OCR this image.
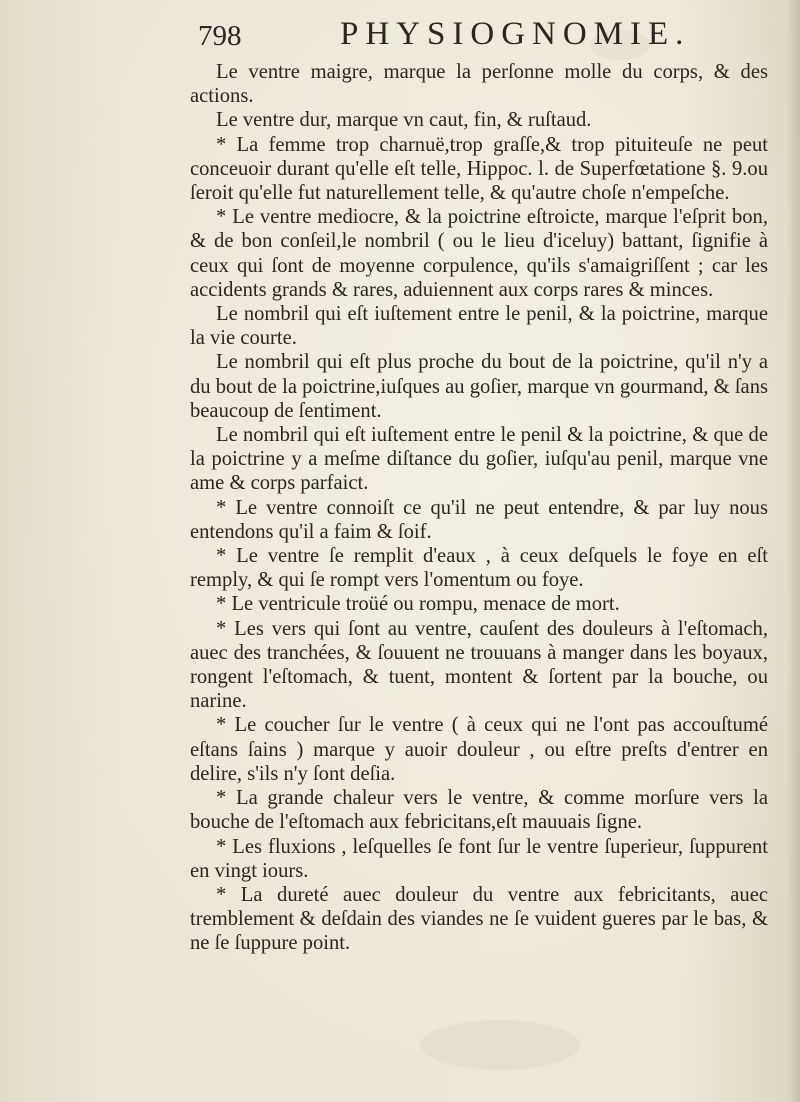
798	PHYSIOGNOMIE.

Le ventre maigre, marque la perſonne molle du corps, & des actions.

Le ventre dur, marque vn caut, fin, & ruſtaud.

* La femme trop charnuë,trop graſſe,& trop pituiteuſe ne peut conceuoir durant qu'elle eſt telle, Hippoc. l. de Superfœtatione §. 9.ou ſeroit qu'elle fut naturellement telle, & qu'autre choſe n'empeſche.

* Le ventre mediocre, & la poictrine eſtroicte, marque l'eſprit bon, & de bon conſeil,le nombril ( ou le lieu d'iceluy) battant, ſignifie à ceux qui ſont de moyenne corpulence, qu'ils s'amaigriſſent ; car les accidents grands & rares, aduiennent aux corps rares & minces.

Le nombril qui eſt iuſtement entre le penil, & la poictrine, marque la vie courte.

Le nombril qui eſt plus proche du bout de la poictrine, qu'il n'y a du bout de la poictrine,iuſques au goſier, marque vn gourmand, & ſans beaucoup de ſentiment.

Le nombril qui eſt iuſtement entre le penil & la poictrine, & que de la poictrine y a meſme diſtance du goſier, iuſqu'au penil, marque vne ame & corps parfaict.

* Le ventre connoiſt ce qu'il ne peut entendre, & par luy nous entendons qu'il a faim & ſoif.

* Le ventre ſe remplit d'eaux , à ceux deſquels le foye en eſt remply, & qui ſe rompt vers l'omentum ou foye.

* Le ventricule troüé ou rompu, menace de mort.

* Les vers qui ſont au ventre, cauſent des douleurs à l'eſtomach, auec des tranchées, & ſouuent ne trouuans à manger dans les boyaux, rongent l'eſtomach, & tuent, montent & ſortent par la bouche, ou narine.

* Le coucher ſur le ventre ( à ceux qui ne l'ont pas accouſtumé eſtans ſains ) marque y auoir douleur , ou eſtre preſts d'entrer en delire, s'ils n'y ſont deſia.

* La grande chaleur vers le ventre, & comme morſure vers la bouche de l'eſtomach aux febricitans,eſt mauuais ſigne.

* Les fluxions , leſquelles ſe font ſur le ventre ſuperieur, ſuppurent en vingt iours.

* La dureté auec douleur du ventre aux febricitants, auec tremblement & deſdain des viandes ne ſe vuident gueres par le bas, & ne ſe ſuppure point.
